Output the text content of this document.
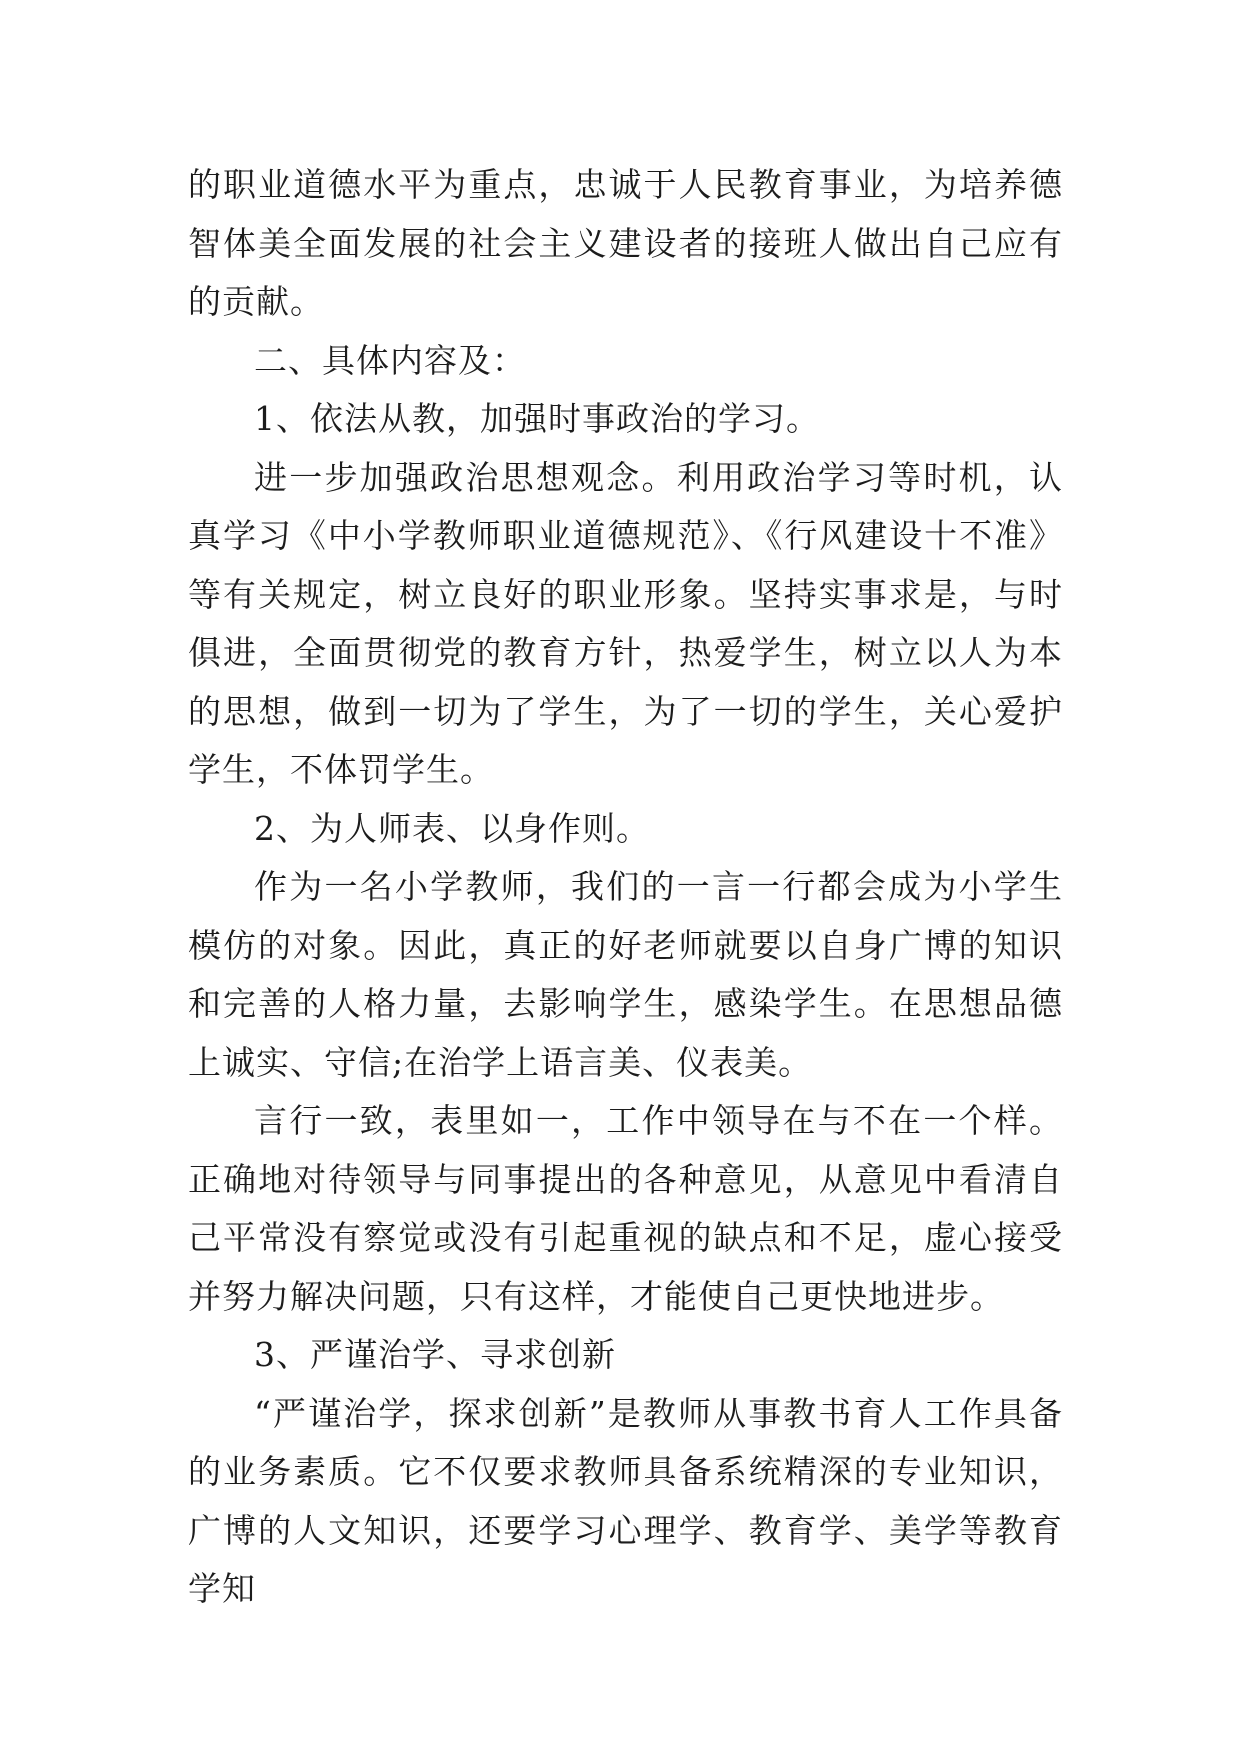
的职业道德水平为重点，忠诚于人民教育事业，为培养德智体美全面发展的社会主义建设者的接班人做出自己应有的贡献。

二、具体内容及：

1、依法从教，加强时事政治的学习。

进一步加强政治思想观念。利用政治学习等时机，认真学习《中小学教师职业道德规范》、《行风建设十不准》等有关规定，树立良好的职业形象。坚持实事求是，与时俱进，全面贯彻党的教育方针，热爱学生，树立以人为本的思想，做到一切为了学生，为了一切的学生，关心爱护学生，不体罚学生。

2、为人师表、以身作则。

作为一名小学教师，我们的一言一行都会成为小学生模仿的对象。因此，真正的好老师就要以自身广博的知识和完善的人格力量，去影响学生，感染学生。在思想品德上诚实、守信;在治学上语言美、仪表美。

言行一致，表里如一，工作中领导在与不在一个样。正确地对待领导与同事提出的各种意见，从意见中看清自己平常没有察觉或没有引起重视的缺点和不足，虚心接受并努力解决问题，只有这样，才能使自己更快地进步。

3、严谨治学、寻求创新

“严谨治学，探求创新”是教师从事教书育人工作具备的业务素质。它不仅要求教师具备系统精深的专业知识，广博的人文知识，还要学习心理学、教育学、美学等教育学知
